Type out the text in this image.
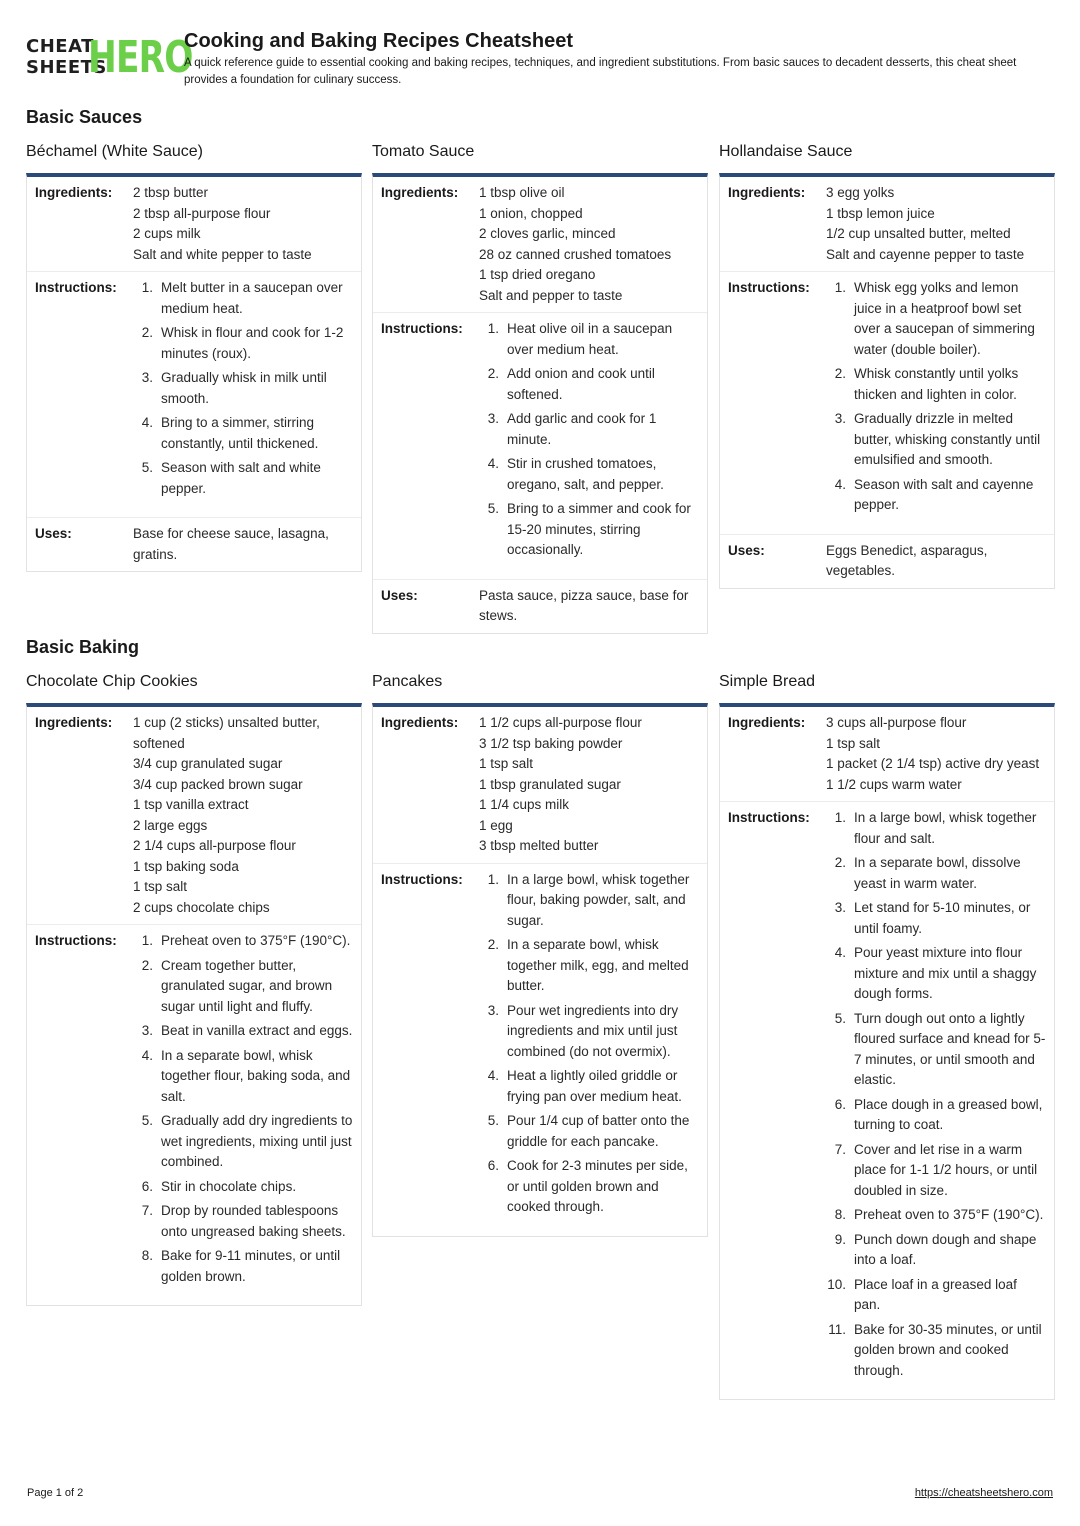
CHEAT
SHEETS
HERO
Cooking and Baking Recipes Cheatsheet
A quick reference guide to essential cooking and baking recipes, techniques, and ingredient substitutions. From basic sauces to decadent desserts, this cheat sheet provides a foundation for culinary success.
Basic Sauces
Béchamel (White Sauce)
Ingredients:	2 tbsp butter
2 tbsp all-purpose flour
2 cups milk
Salt and white pepper to taste
Instructions:	1. Melt butter in a saucepan over medium heat.
2. Whisk in flour and cook for 1-2 minutes (roux).
3. Gradually whisk in milk until smooth.
4. Bring to a simmer, stirring constantly, until thickened.
5. Season with salt and white pepper.
Uses:	Base for cheese sauce, lasagna, gratins.
Tomato Sauce
Ingredients:	1 tbsp olive oil
1 onion, chopped
2 cloves garlic, minced
28 oz canned crushed tomatoes
1 tsp dried oregano
Salt and pepper to taste
Instructions:	1. Heat olive oil in a saucepan over medium heat.
2. Add onion and cook until softened.
3. Add garlic and cook for 1 minute.
4. Stir in crushed tomatoes, oregano, salt, and pepper.
5. Bring to a simmer and cook for 15-20 minutes, stirring occasionally.
Uses:	Pasta sauce, pizza sauce, base for stews.
Hollandaise Sauce
Ingredients:	3 egg yolks
1 tbsp lemon juice
1/2 cup unsalted butter, melted
Salt and cayenne pepper to taste
Instructions:	1. Whisk egg yolks and lemon juice in a heatproof bowl set over a saucepan of simmering water (double boiler).
2. Whisk constantly until yolks thicken and lighten in color.
3. Gradually drizzle in melted butter, whisking constantly until emulsified and smooth.
4. Season with salt and cayenne pepper.
Uses:	Eggs Benedict, asparagus, vegetables.
Basic Baking
Chocolate Chip Cookies
Ingredients:	1 cup (2 sticks) unsalted butter, softened
3/4 cup granulated sugar
3/4 cup packed brown sugar
1 tsp vanilla extract
2 large eggs
2 1/4 cups all-purpose flour
1 tsp baking soda
1 tsp salt
2 cups chocolate chips
Instructions:	1. Preheat oven to 375°F (190°C).
2. Cream together butter, granulated sugar, and brown sugar until light and fluffy.
3. Beat in vanilla extract and eggs.
4. In a separate bowl, whisk together flour, baking soda, and salt.
5. Gradually add dry ingredients to wet ingredients, mixing until just combined.
6. Stir in chocolate chips.
7. Drop by rounded tablespoons onto ungreased baking sheets.
8. Bake for 9-11 minutes, or until golden brown.
Pancakes
Ingredients:	1 1/2 cups all-purpose flour
3 1/2 tsp baking powder
1 tsp salt
1 tbsp granulated sugar
1 1/4 cups milk
1 egg
3 tbsp melted butter
Instructions:	1. In a large bowl, whisk together flour, baking powder, salt, and sugar.
2. In a separate bowl, whisk together milk, egg, and melted butter.
3. Pour wet ingredients into dry ingredients and mix until just combined (do not overmix).
4. Heat a lightly oiled griddle or frying pan over medium heat.
5. Pour 1/4 cup of batter onto the griddle for each pancake.
6. Cook for 2-3 minutes per side, or until golden brown and cooked through.
Simple Bread
Ingredients:	3 cups all-purpose flour
1 tsp salt
1 packet (2 1/4 tsp) active dry yeast
1 1/2 cups warm water
Instructions:	1. In a large bowl, whisk together flour and salt.
2. In a separate bowl, dissolve yeast in warm water.
3. Let stand for 5-10 minutes, or until foamy.
4. Pour yeast mixture into flour mixture and mix until a shaggy dough forms.
5. Turn dough out onto a lightly floured surface and knead for 5-7 minutes, or until smooth and elastic.
6. Place dough in a greased bowl, turning to coat.
7. Cover and let rise in a warm place for 1-1 1/2 hours, or until doubled in size.
8. Preheat oven to 375°F (190°C).
9. Punch down dough and shape into a loaf.
10. Place loaf in a greased loaf pan.
11. Bake for 30-35 minutes, or until golden brown and cooked through.
Page 1 of 2	https://cheatsheetshero.com
